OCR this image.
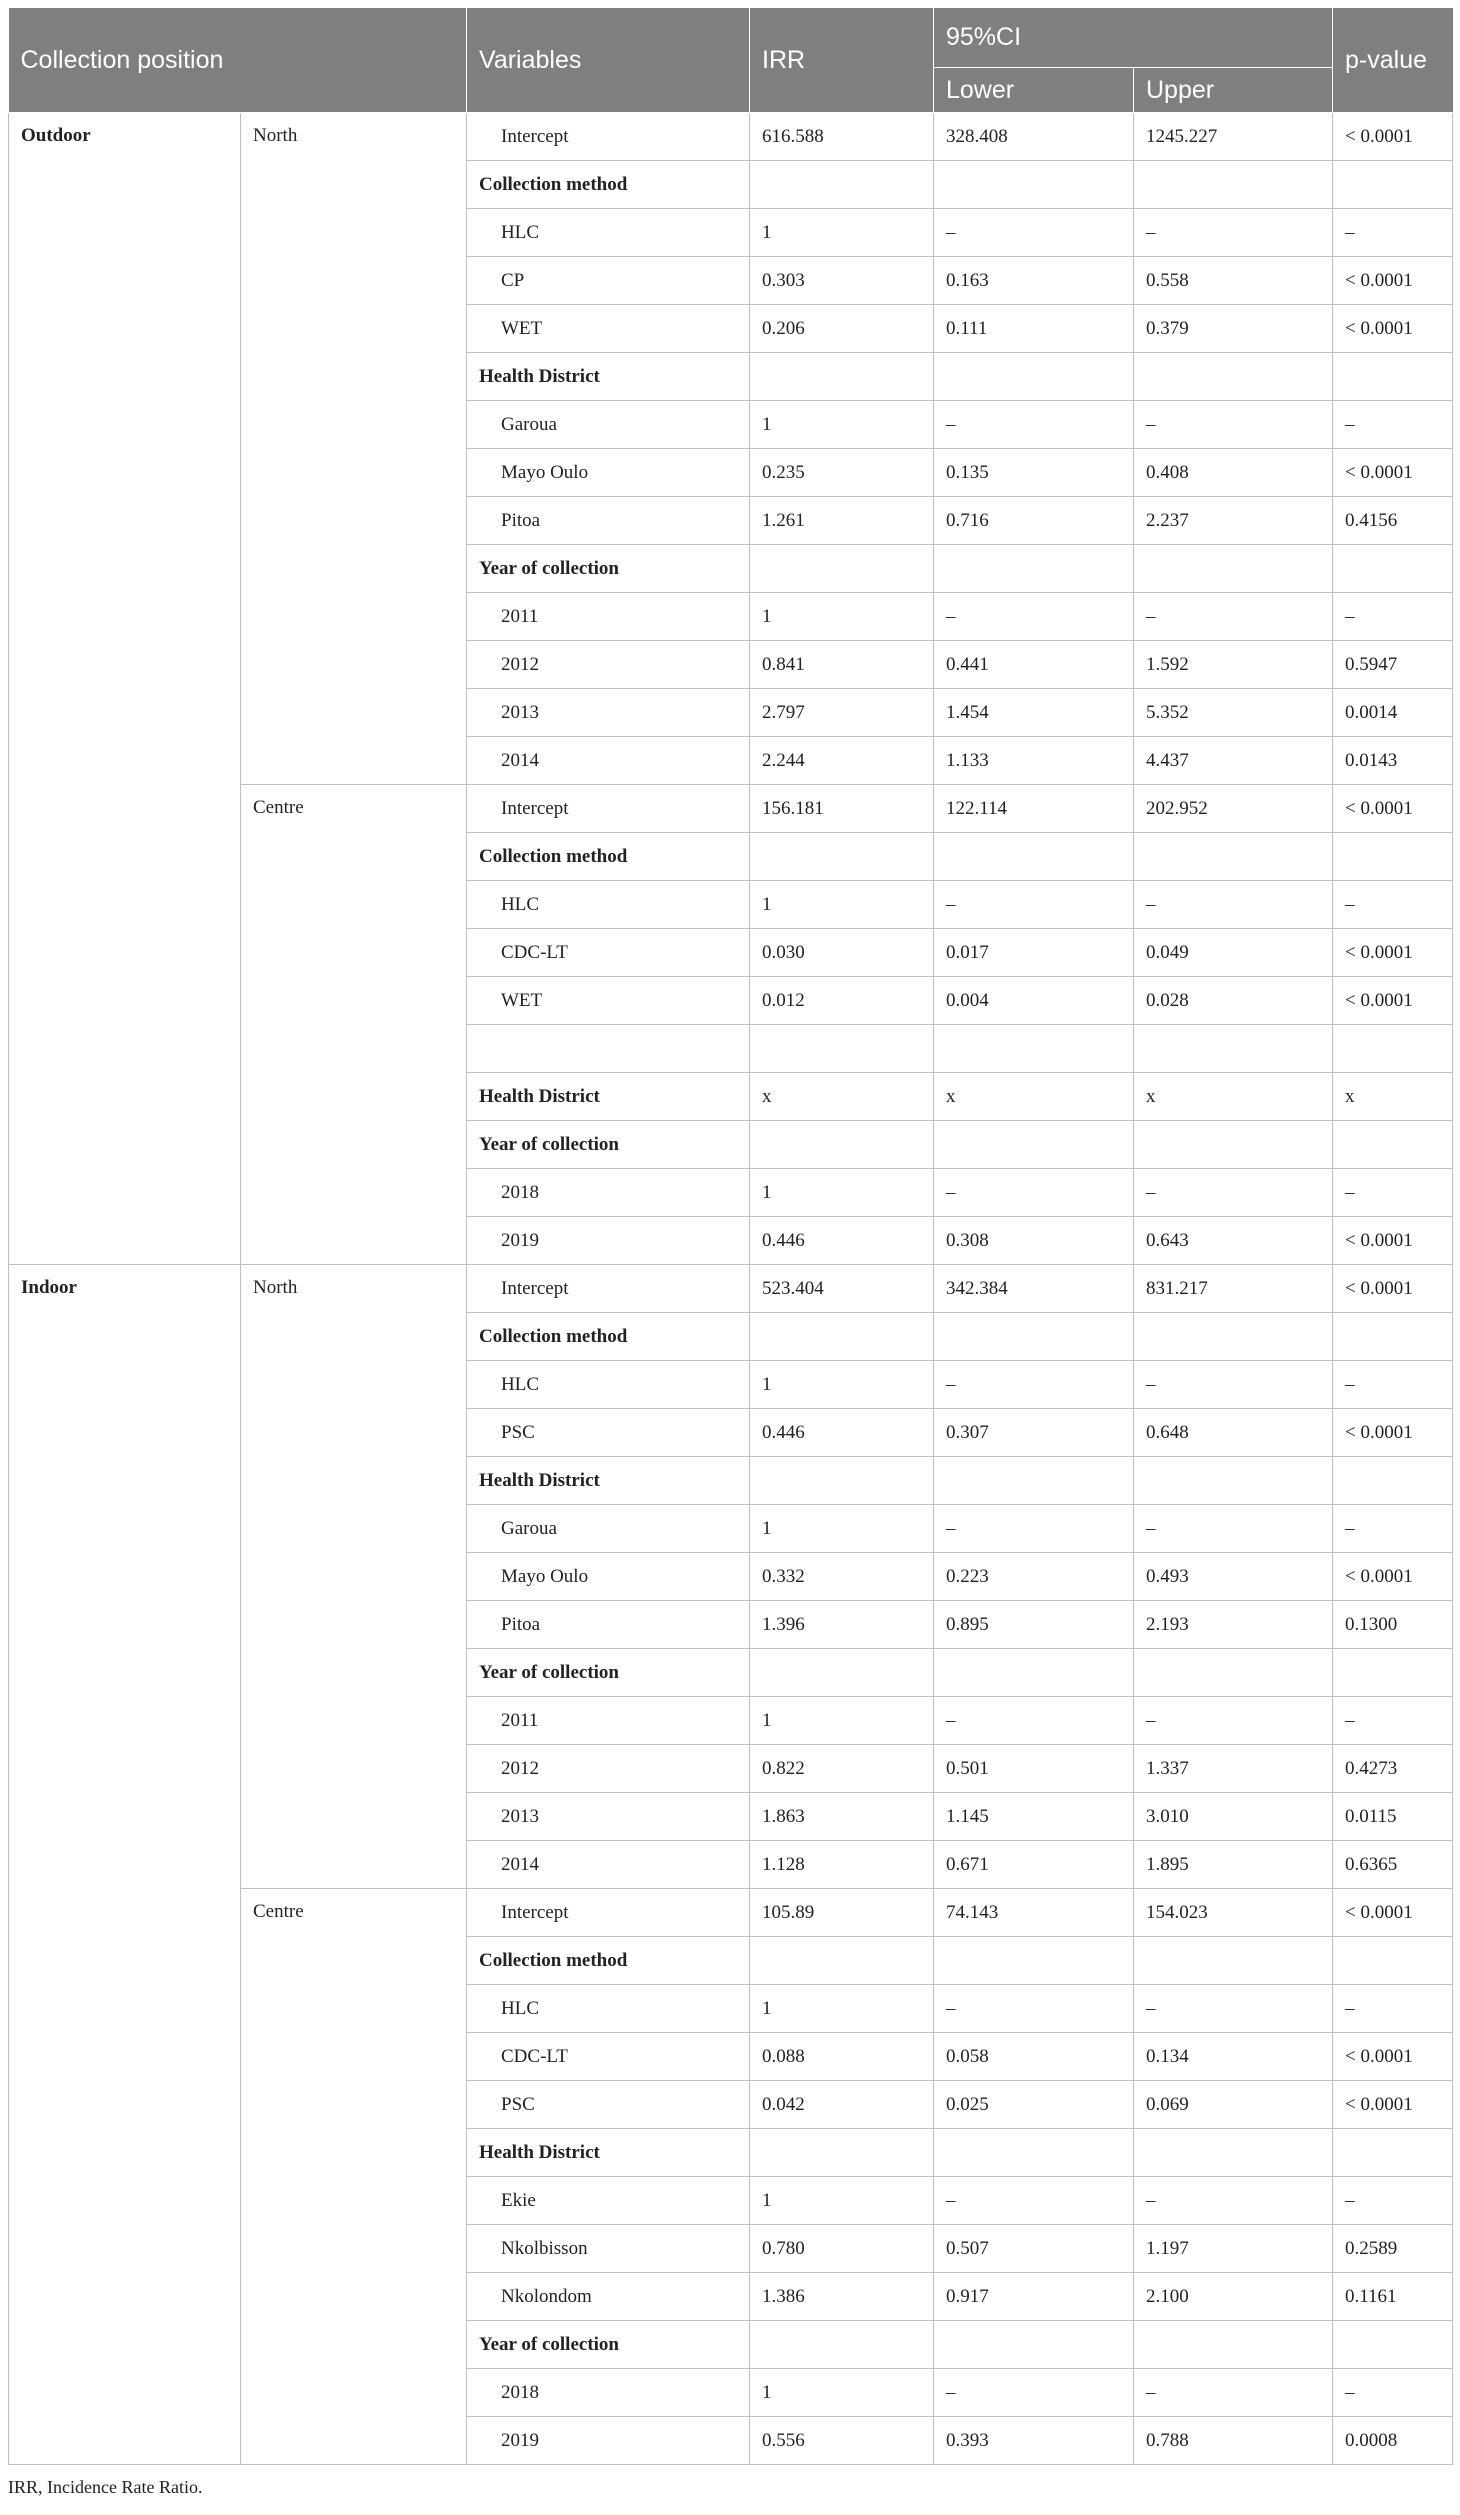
Collection position		Variables	IRR	95%CI		p-value
				Lower	Upper	
Outdoor	North	Intercept	616.588	328.408	1245.227	< 0.0001
		Collection method				
		HLC	1	–	–	–
		CP	0.303	0.163	0.558	< 0.0001
		WET	0.206	0.111	0.379	< 0.0001
		Health District				
		Garoua	1	–	–	–
		Mayo Oulo	0.235	0.135	0.408	< 0.0001
		Pitoa	1.261	0.716	2.237	0.4156
		Year of collection				
		2011	1	–	–	–
		2012	0.841	0.441	1.592	0.5947
		2013	2.797	1.454	5.352	0.0014
		2014	2.244	1.133	4.437	0.0143
	Centre	Intercept	156.181	122.114	202.952	< 0.0001
		Collection method				
		HLC	1	–	–	–
		CDC-LT	0.030	0.017	0.049	< 0.0001
		WET	0.012	0.004	0.028	< 0.0001

		Health District	x	x	x	x
		Year of collection				
		2018	1	–	–	–
		2019	0.446	0.308	0.643	< 0.0001
Indoor	North	Intercept	523.404	342.384	831.217	< 0.0001
		Collection method				
		HLC	1	–	–	–
		PSC	0.446	0.307	0.648	< 0.0001
		Health District				
		Garoua	1	–	–	–
		Mayo Oulo	0.332	0.223	0.493	< 0.0001
		Pitoa	1.396	0.895	2.193	0.1300
		Year of collection				
		2011	1	–	–	–
		2012	0.822	0.501	1.337	0.4273
		2013	1.863	1.145	3.010	0.0115
		2014	1.128	0.671	1.895	0.6365
	Centre	Intercept	105.89	74.143	154.023	< 0.0001
		Collection method				
		HLC	1	–	–	–
		CDC-LT	0.088	0.058	0.134	< 0.0001
		PSC	0.042	0.025	0.069	< 0.0001
		Health District				
		Ekie	1	–	–	–
		Nkolbisson	0.780	0.507	1.197	0.2589
		Nkolondom	1.386	0.917	2.100	0.1161
		Year of collection				
		2018	1	–	–	–
		2019	0.556	0.393	0.788	0.0008
IRR, Incidence Rate Ratio.
